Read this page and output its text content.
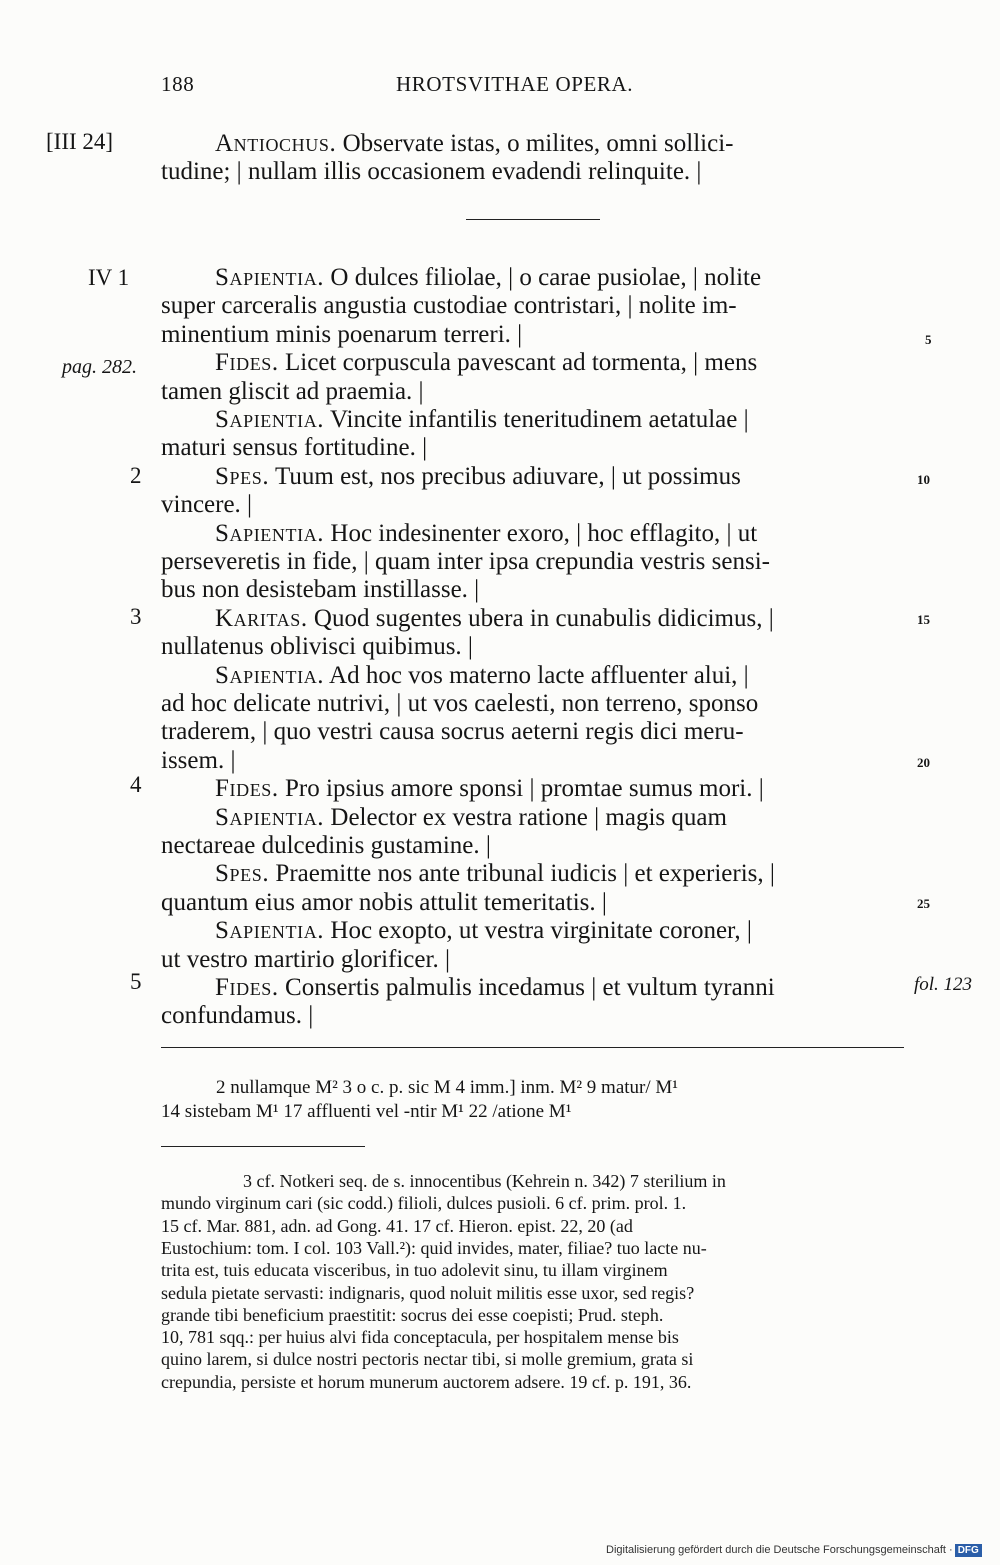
188	HROTSVITHAE OPERA.
[III 24]	Antiochus. Observate istas, o milites, omni sollici-
tudine; | nullam illis occasionem evadendi relinquite. |
IV 1	Sapientia. O dulces filiolae, | o carae pusiolae, | nolite
super carceralis angustia custodiae contristari, | nolite im-
minentium minis poenarum terreri. |
Fides. Licet corpuscula pavescant ad tormenta, | mens
tamen gliscit ad praemia. |
Sapientia. Vincite infantilis teneritudinem aetatulae |
maturi sensus fortitudine. |
Spes. Tuum est, nos precibus adiuvare, | ut possimus
vincere. |
Sapientia. Hoc indesinenter exoro, | hoc efflagito, | ut
perseveretis in fide, | quam inter ipsa crepundia vestris sensi-
bus non desistebam instillasse. |
Karitas. Quod sugentes ubera in cunabulis didicimus, |
nullatenus oblivisci quibimus. |
Sapientia. Ad hoc vos materno lacte affluenter alui, |
ad hoc delicate nutrivi, | ut vos caelesti, non terreno, sponso
traderem, | quo vestri causa socrus aeterni regis dici meru-
issem. |
Fides. Pro ipsius amore sponsi | promtae sumus mori. |
Sapientia. Delector ex vestra ratione | magis quam
nectareae dulcedinis gustamine. |
Spes. Praemitte nos ante tribunal iudicis | et experieris, |
quantum eius amor nobis attulit temeritatis. |
Sapientia. Hoc exopto, ut vestra virginitate coroner, |
ut vestro martirio glorificer. |
Fides. Consertis palmulis incedamus | et vultum tyranni
confundamus. |
pag. 282.
2
3
4
5
5
10
15
20
25
fol. 123
2 nullamque M² 3 o c. p. sic M 4 imm.] inm. M² 9 matur/ M¹
14 sistebam M¹ 17 affluenti vel -ntir M¹ 22 /atione M¹
3 cf. Notkeri seq. de s. innocentibus (Kehrein n. 342) 7 sterilium in
mundo virginum cari (sic codd.) filioli, dulces pusioli. 6 cf. prim. prol. 1.
15 cf. Mar. 881, adn. ad Gong. 41. 17 cf. Hieron. epist. 22, 20 (ad
Eustochium: tom. I col. 103 Vall.²): quid invides, mater, filiae? tuo lacte nu-
trita est, tuis educata visceribus, in tuo adolevit sinu, tu illam virginem
sedula pietate servasti: indignaris, quod noluit militis esse uxor, sed regis?
grande tibi beneficium praestitit: socrus dei esse coepisti; Prud. steph.
10, 781 sqq.: per huius alvi fida conceptacula, per hospitalem mense bis
quino larem, si dulce nostri pectoris nectar tibi, si molle gremium, grata si
crepundia, persiste et horum munerum auctorem adsere. 19 cf. p. 191, 36.
Digitalisierung gefördert durch die Deutsche Forschungsgemeinschaft · DFG
